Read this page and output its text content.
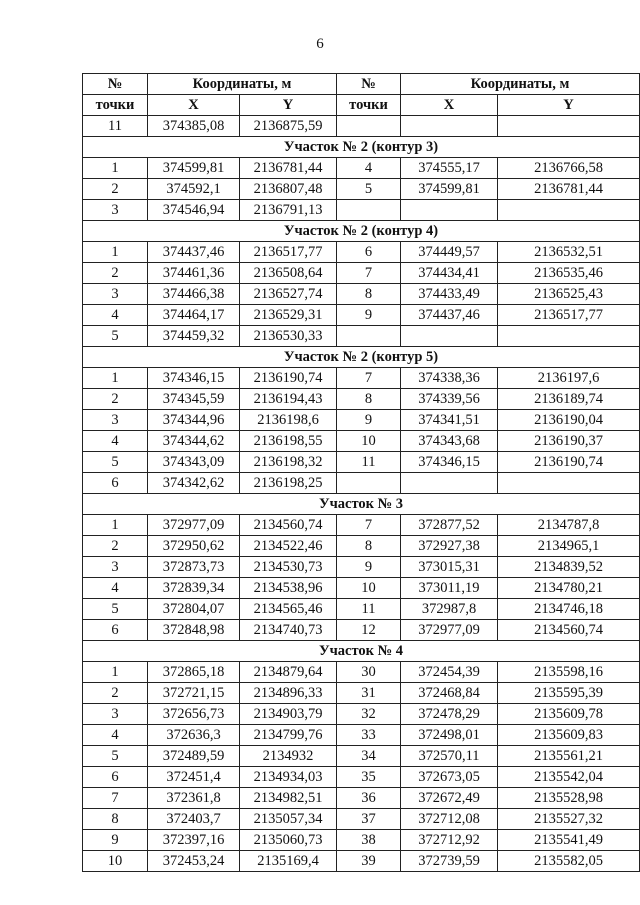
6
№	Координаты, м		№	Координаты, м	
точки	X	Y	точки	X	Y
11	374385,08	2136875,59			
Участок № 2 (контур 3)					
1	374599,81	2136781,44	4	374555,17	2136766,58
2	374592,1	2136807,48	5	374599,81	2136781,44
3	374546,94	2136791,13			
Участок № 2 (контур 4)					
1	374437,46	2136517,77	6	374449,57	2136532,51
2	374461,36	2136508,64	7	374434,41	2136535,46
3	374466,38	2136527,74	8	374433,49	2136525,43
4	374464,17	2136529,31	9	374437,46	2136517,77
5	374459,32	2136530,33			
Участок № 2 (контур 5)					
1	374346,15	2136190,74	7	374338,36	2136197,6
2	374345,59	2136194,43	8	374339,56	2136189,74
3	374344,96	2136198,6	9	374341,51	2136190,04
4	374344,62	2136198,55	10	374343,68	2136190,37
5	374343,09	2136198,32	11	374346,15	2136190,74
6	374342,62	2136198,25			
Участок № 3					
1	372977,09	2134560,74	7	372877,52	2134787,8
2	372950,62	2134522,46	8	372927,38	2134965,1
3	372873,73	2134530,73	9	373015,31	2134839,52
4	372839,34	2134538,96	10	373011,19	2134780,21
5	372804,07	2134565,46	11	372987,8	2134746,18
6	372848,98	2134740,73	12	372977,09	2134560,74
Участок № 4					
1	372865,18	2134879,64	30	372454,39	2135598,16
2	372721,15	2134896,33	31	372468,84	2135595,39
3	372656,73	2134903,79	32	372478,29	2135609,78
4	372636,3	2134799,76	33	372498,01	2135609,83
5	372489,59	2134932	34	372570,11	2135561,21
6	372451,4	2134934,03	35	372673,05	2135542,04
7	372361,8	2134982,51	36	372672,49	2135528,98
8	372403,7	2135057,34	37	372712,08	2135527,32
9	372397,16	2135060,73	38	372712,92	2135541,49
10	372453,24	2135169,4	39	372739,59	2135582,05
